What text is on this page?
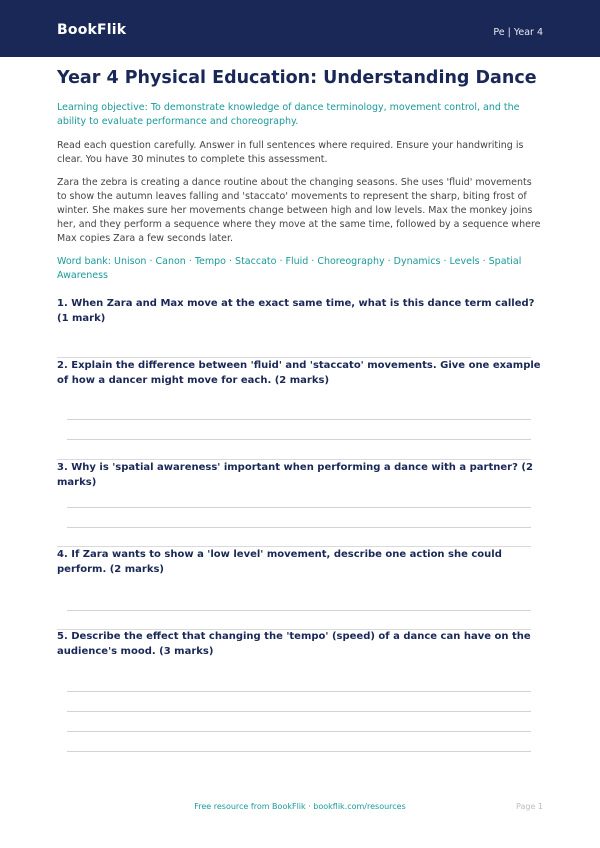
BookFlik	Pe | Year 4
Year 4 Physical Education: Understanding Dance
Learning objective: To demonstrate knowledge of dance terminology, movement control, and the ability to evaluate performance and choreography.
Read each question carefully. Answer in full sentences where required. Ensure your handwriting is clear. You have 30 minutes to complete this assessment.
Zara the zebra is creating a dance routine about the changing seasons. She uses 'fluid' movements to show the autumn leaves falling and 'staccato' movements to represent the sharp, biting frost of winter. She makes sure her movements change between high and low levels. Max the monkey joins her, and they perform a sequence where they move at the same time, followed by a sequence where Max copies Zara a few seconds later.
Word bank: Unison · Canon · Tempo · Staccato · Fluid · Choreography · Dynamics · Levels · Spatial Awareness
1. When Zara and Max move at the exact same time, what is this dance term called? (1 mark)
2. Explain the difference between 'fluid' and 'staccato' movements. Give one example of how a dancer might move for each. (2 marks)
3. Why is 'spatial awareness' important when performing a dance with a partner? (2 marks)
4. If Zara wants to show a 'low level' movement, describe one action she could perform. (2 marks)
5. Describe the effect that changing the 'tempo' (speed) of a dance can have on the audience's mood. (3 marks)
Free resource from BookFlik · bookflik.com/resources	Page 1
